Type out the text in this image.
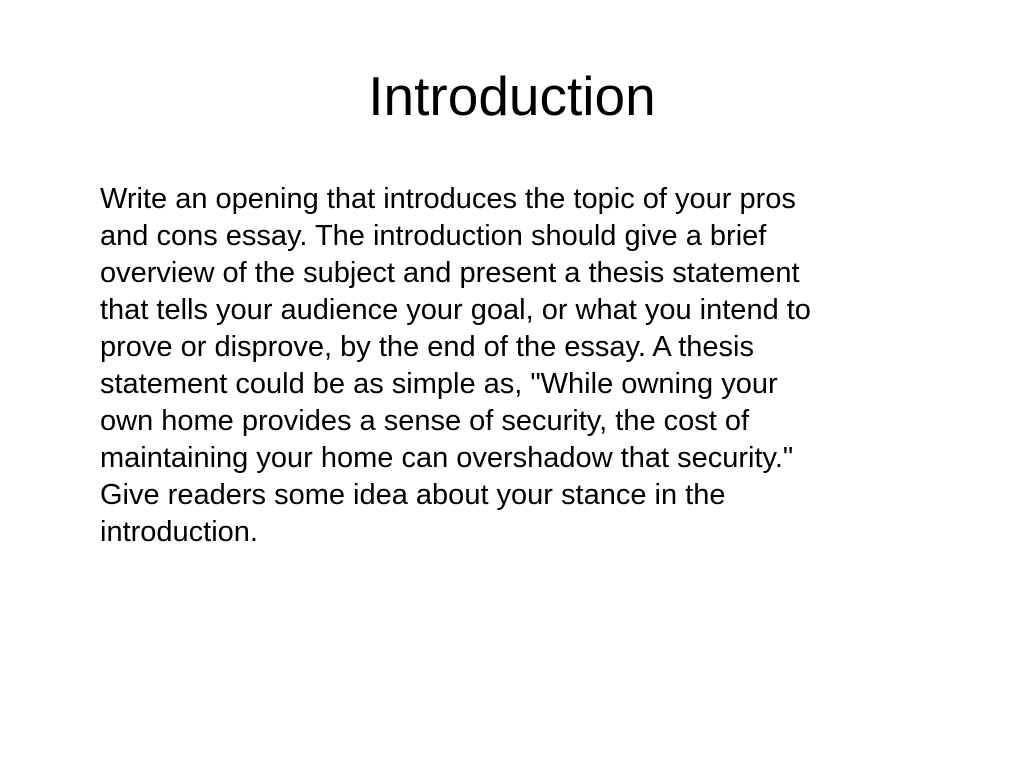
Introduction

Write an opening that introduces the topic of your pros
and cons essay. The introduction should give a brief
overview of the subject and present a thesis statement
that tells your audience your goal, or what you intend to
prove or disprove, by the end of the essay. A thesis
statement could be as simple as, "While owning your
own home provides a sense of security, the cost of
maintaining your home can overshadow that security."
Give readers some idea about your stance in the
introduction.
